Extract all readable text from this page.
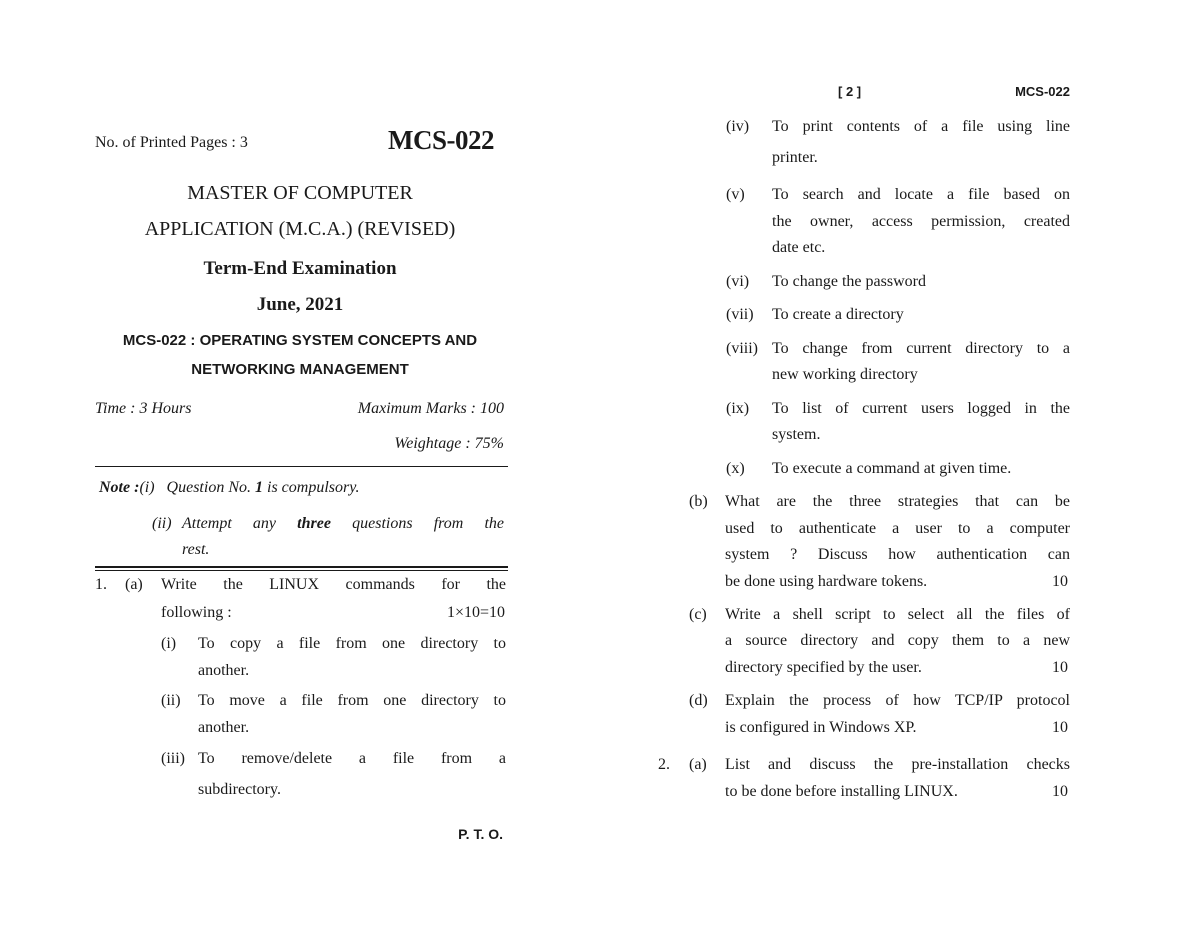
No. of Printed Pages : 3	MCS-022
MASTER OF COMPUTER
APPLICATION (M.C.A.) (REVISED)
Term-End Examination
June, 2021
MCS-022 : OPERATING SYSTEM CONCEPTS AND
NETWORKING MANAGEMENT
Time : 3 Hours	Maximum Marks : 100
Weightage : 75%
Note :(i) Question No. 1 is compulsory.
(ii) Attempt any three questions from the
rest.
1. (a) Write   the   LINUX   commands   for   the
following :	1×10=10
(i) To  copy  a  file  from  one  directory  to
another.
(ii) To  move  a  file  from  one  directory  to
another.
(iii) To    remove/delete    a    file    from    a
subdirectory.
P. T. O.
[ 2 ]	MCS-022
(iv) To print contents of a file using line
printer.
(v) To search and locate a file based on
the owner, access permission, created
date etc.
(vi) To change the password
(vii) To create a directory
(viii) To change from current directory to a
new working directory
(ix) To list of current users logged in the
system.
(x) To execute a command at given time.
(b) What are the three strategies that can be
used to authenticate a user to a computer
system ? Discuss how authentication can
be done using hardware tokens.	10
(c) Write a shell script to select all the files of
a source directory and copy them to a new
directory specified by the user.	10
(d) Explain the process of how TCP/IP protocol
is configured in Windows XP.	10
2. (a) List and discuss the pre-installation checks
to be done before installing LINUX.	10
